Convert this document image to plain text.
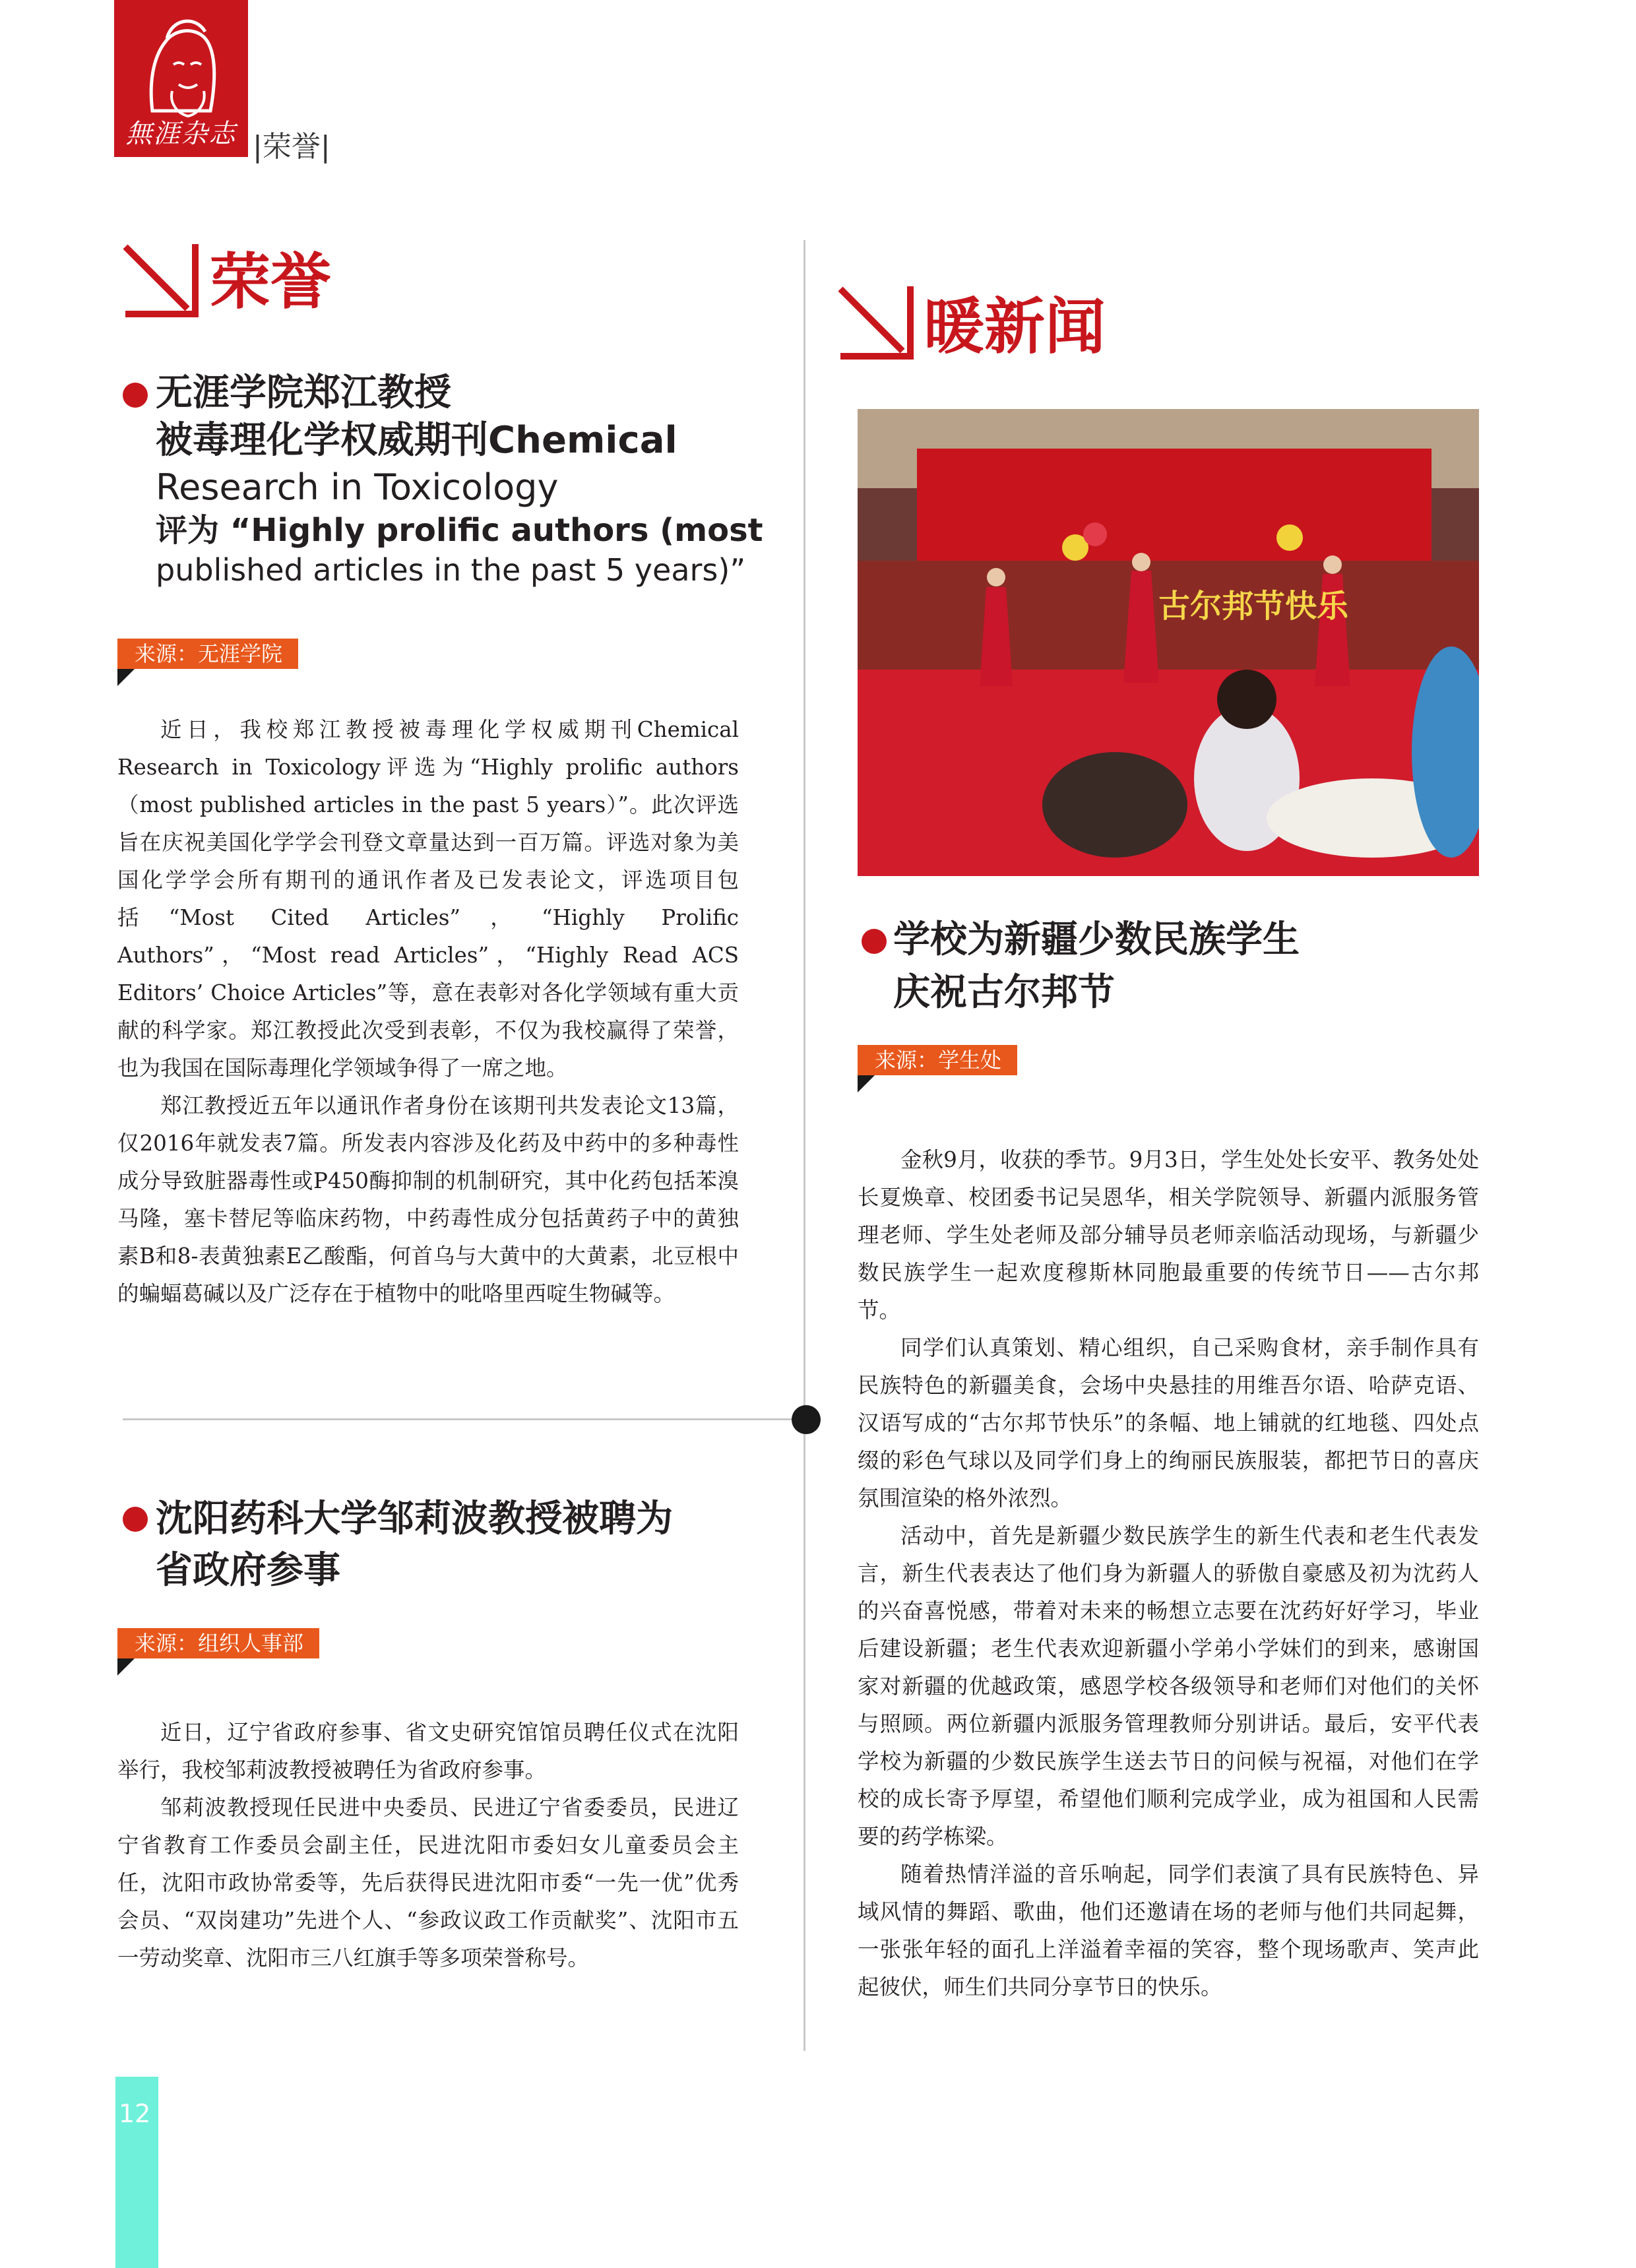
無涯杂志 |荣誉|
荣誉
暖新闻
无涯学院郑江教授
被毒理化学权威期刊Chemical
Research in Toxicology
评为 “Highly prolific authors (most
published articles in the past 5 years)”
来源：无涯学院

近日，我校郑江教授被毒理化学权威期刊Chemical Research in Toxicology评选为“Highly prolific authors（most published articles in the past 5 years）”。此次评选旨在庆祝美国化学学会刊登文章量达到一百万篇。评选对象为美国化学学会所有期刊的通讯作者及已发表论文，评选项目包括“Most Cited Articles”，“Highly Prolific Authors”，“Most read Articles”，“Highly Read ACS Editors’ Choice Articles”等，意在表彰对各化学领域有重大贡献的科学家。郑江教授此次受到表彰，不仅为我校赢得了荣誉，也为我国在国际毒理化学领域争得了一席之地。

郑江教授近五年以通讯作者身份在该期刊共发表论文13篇，仅2016年就发表7篇。所发表内容涉及化药及中药中的多种毒性成分导致脏器毒性或P450酶抑制的机制研究，其中化药包括苯溴马隆，塞卡替尼等临床药物，中药毒性成分包括黄药子中的黄独素B和8-表黄独素E乙酸酯，何首乌与大黄中的大黄素，北豆根中的蝙蝠葛碱以及广泛存在于植物中的吡咯里西啶生物碱等。

沈阳药科大学邹莉波教授被聘为
省政府参事
来源：组织人事部

近日，辽宁省政府参事、省文史研究馆馆员聘任仪式在沈阳举行，我校邹莉波教授被聘任为省政府参事。

邹莉波教授现任民进中央委员、民进辽宁省委委员，民进辽宁省教育工作委员会副主任，民进沈阳市委妇女儿童委员会主任，沈阳市政协常委等，先后获得民进沈阳市委“一先一优”优秀会员、“双岗建功”先进个人、“参政议政工作贡献奖”、沈阳市五一劳动奖章、沈阳市三八红旗手等多项荣誉称号。

古尔邦节快乐
学校为新疆少数民族学生
庆祝古尔邦节
来源：学生处

金秋9月，收获的季节。9月3日，学生处处长安平、教务处处长夏焕章、校团委书记吴恩华，相关学院领导、新疆内派服务管理老师、学生处老师及部分辅导员老师亲临活动现场，与新疆少数民族学生一起欢度穆斯林同胞最重要的传统节日——古尔邦节。

同学们认真策划、精心组织，自己采购食材，亲手制作具有民族特色的新疆美食，会场中央悬挂的用维吾尔语、哈萨克语、汉语写成的“古尔邦节快乐”的条幅、地上铺就的红地毯、四处点缀的彩色气球以及同学们身上的绚丽民族服装，都把节日的喜庆氛围渲染的格外浓烈。

活动中，首先是新疆少数民族学生的新生代表和老生代表发言，新生代表表达了他们身为新疆人的骄傲自豪感及初为沈药人的兴奋喜悦感，带着对未来的畅想立志要在沈药好好学习，毕业后建设新疆；老生代表欢迎新疆小学弟小学妹们的到来，感谢国家对新疆的优越政策，感恩学校各级领导和老师们对他们的关怀与照顾。两位新疆内派服务管理教师分别讲话。最后，安平代表学校为新疆的少数民族学生送去节日的问候与祝福，对他们在学校的成长寄予厚望，希望他们顺利完成学业，成为祖国和人民需要的药学栋梁。

随着热情洋溢的音乐响起，同学们表演了具有民族特色、异域风情的舞蹈、歌曲，他们还邀请在场的老师与他们共同起舞，一张张年轻的面孔上洋溢着幸福的笑容，整个现场歌声、笑声此起彼伏，师生们共同分享节日的快乐。

12
